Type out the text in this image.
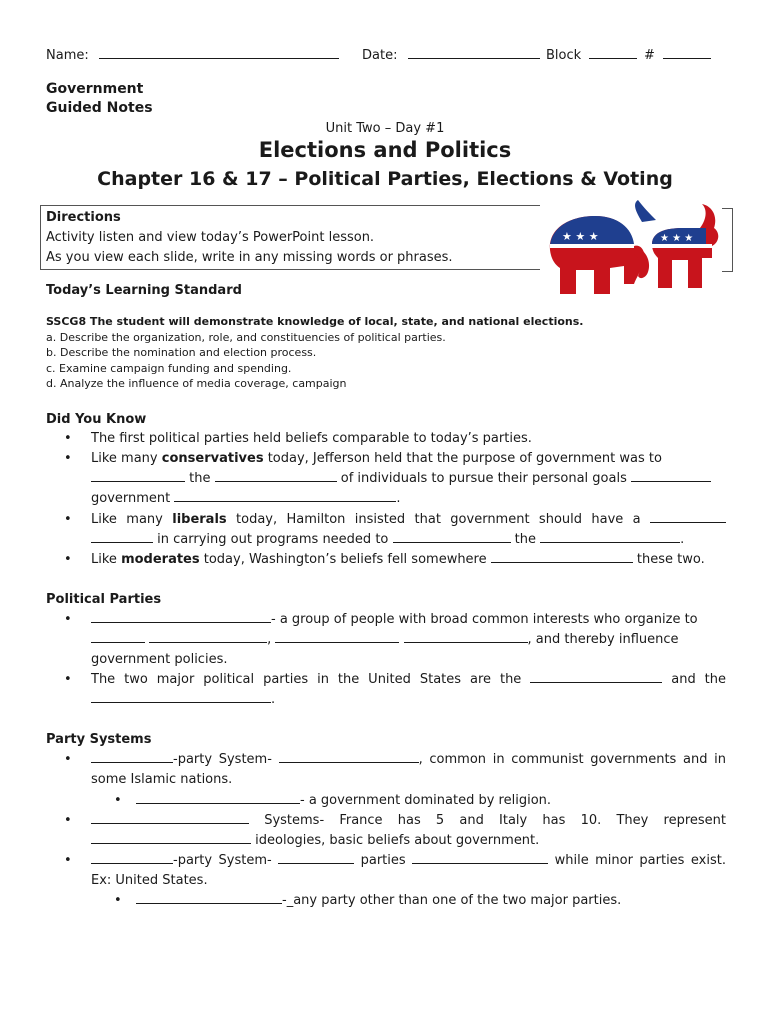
Name:	Date:	Block	#
Government
Guided Notes
Unit Two – Day #1
Elections and Politics
Chapter 16 & 17 – Political Parties, Elections & Voting
Directions
Activity listen and view today’s PowerPoint lesson.
As you view each slide, write in any missing words or phrases.
★ ★ ★	★ ★ ★
Today’s Learning Standard
SSCG8 The student will demonstrate knowledge of local, state, and national elections.
a. Describe the organization, role, and constituencies of political parties.
b. Describe the nomination and election process.
c. Examine campaign funding and spending.
d. Analyze the influence of media coverage, campaign
Did You Know
• The first political parties held beliefs comparable to today’s parties.
• Like many conservatives today, Jefferson held that the purpose of government was to
the	of individuals to pursue their personal goals
government	.
• Like many liberals today, Hamilton insisted that government should have a
in carrying out programs needed to	the	.
• Like moderates today, Washington’s beliefs fell somewhere	these two.
Political Parties
•	- a group of people with broad common interests who organize to
,	, and thereby influence
government policies.
• The two major political parties in the United States are the	and the
.
Party Systems
•	-party System-	, common in communist governments and in
some Islamic nations.
•	- a government dominated by religion.
•	Systems- France has 5 and Italy has 10. They represent
ideologies, basic beliefs about government.
•	-party System-	parties	while minor parties exist.
Ex: United States.
•	-_any party other than one of the two major parties.
